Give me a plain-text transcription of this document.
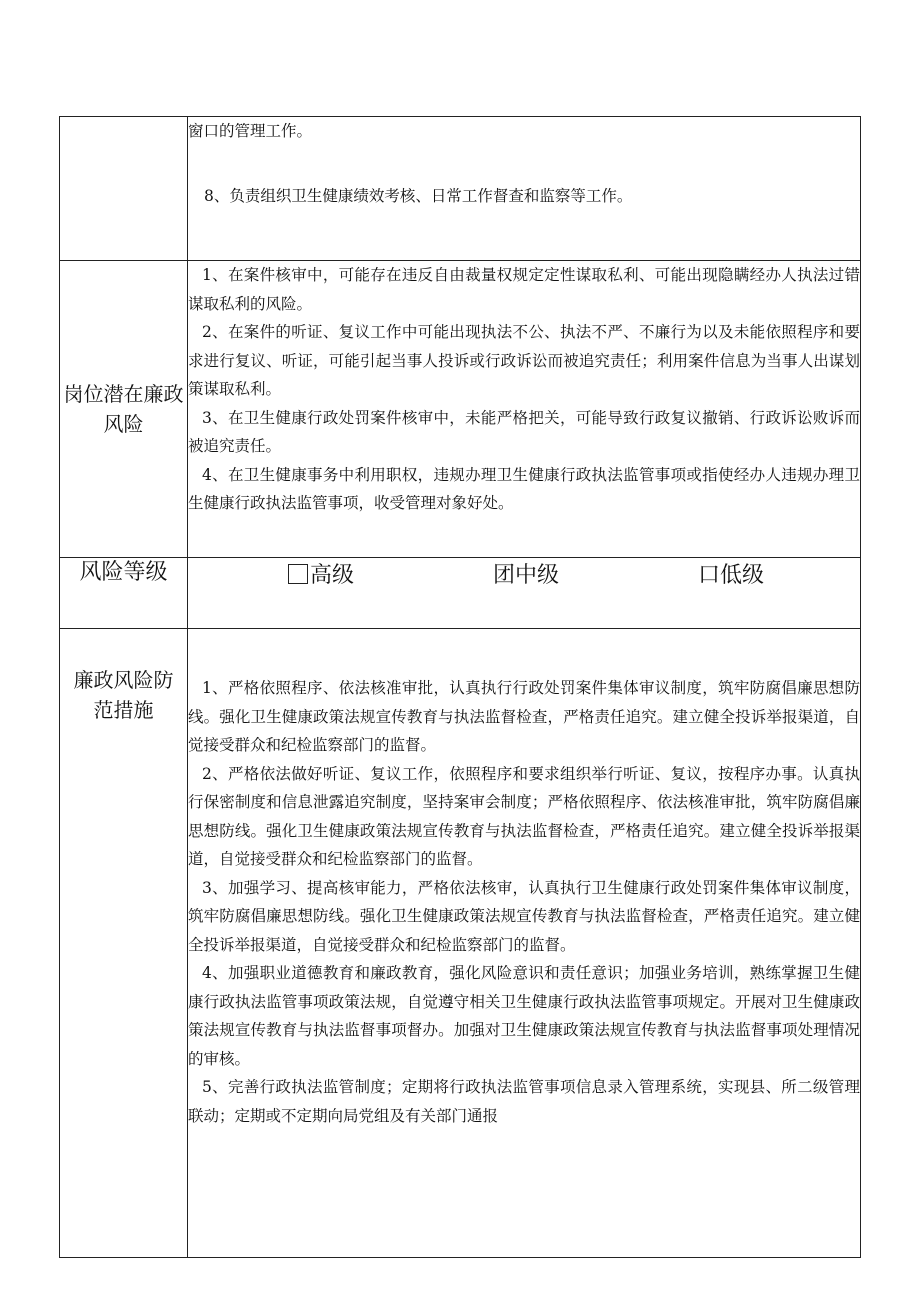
	窗口的管理工作。

8、负责组织卫生健康绩效考核、日常工作督查和监察等工作。

岗位潜在廉政风险	1、在案件核审中，可能存在违反自由裁量权规定定性谋取私利、可能出现隐瞒经办人执法过错谋取私利的风险。

2、在案件的听证、复议工作中可能出现执法不公、执法不严、不廉行为以及未能依照程序和要求进行复议、听证，可能引起当事人投诉或行政诉讼而被追究责任；利用案件信息为当事人出谋划策谋取私利。

3、在卫生健康行政处罚案件核审中，未能严格把关，可能导致行政复议撤销、行政诉讼败诉而被追究责任。

4、在卫生健康事务中利用职权，违规办理卫生健康行政执法监管事项或指使经办人违规办理卫生健康行政执法监管事项，收受管理对象好处。

风险等级	高级 团中级 口低级

廉政风险防范措施	1、严格依照程序、依法核准审批，认真执行行政处罚案件集体审议制度，筑牢防腐倡廉思想防线。强化卫生健康政策法规宣传教育与执法监督检查，严格责任追究。建立健全投诉举报渠道，自觉接受群众和纪检监察部门的监督。

2、严格依法做好听证、复议工作，依照程序和要求组织举行听证、复议，按程序办事。认真执行保密制度和信息泄露追究制度，坚持案审会制度；严格依照程序、依法核准审批，筑牢防腐倡廉思想防线。强化卫生健康政策法规宣传教育与执法监督检查，严格责任追究。建立健全投诉举报渠道，自觉接受群众和纪检监察部门的监督。

3、加强学习、提高核审能力，严格依法核审，认真执行卫生健康行政处罚案件集体审议制度，筑牢防腐倡廉思想防线。强化卫生健康政策法规宣传教育与执法监督检查，严格责任追究。建立健全投诉举报渠道，自觉接受群众和纪检监察部门的监督。

4、加强职业道德教育和廉政教育，强化风险意识和责任意识；加强业务培训，熟练掌握卫生健康行政执法监管事项政策法规，自觉遵守相关卫生健康行政执法监管事项规定。开展对卫生健康政策法规宣传教育与执法监督事项督办。加强对卫生健康政策法规宣传教育与执法监督事项处理情况的审核。

5、完善行政执法监管制度；定期将行政执法监管事项信息录入管理系统，实现县、所二级管理联动；定期或不定期向局党组及有关部门通报
